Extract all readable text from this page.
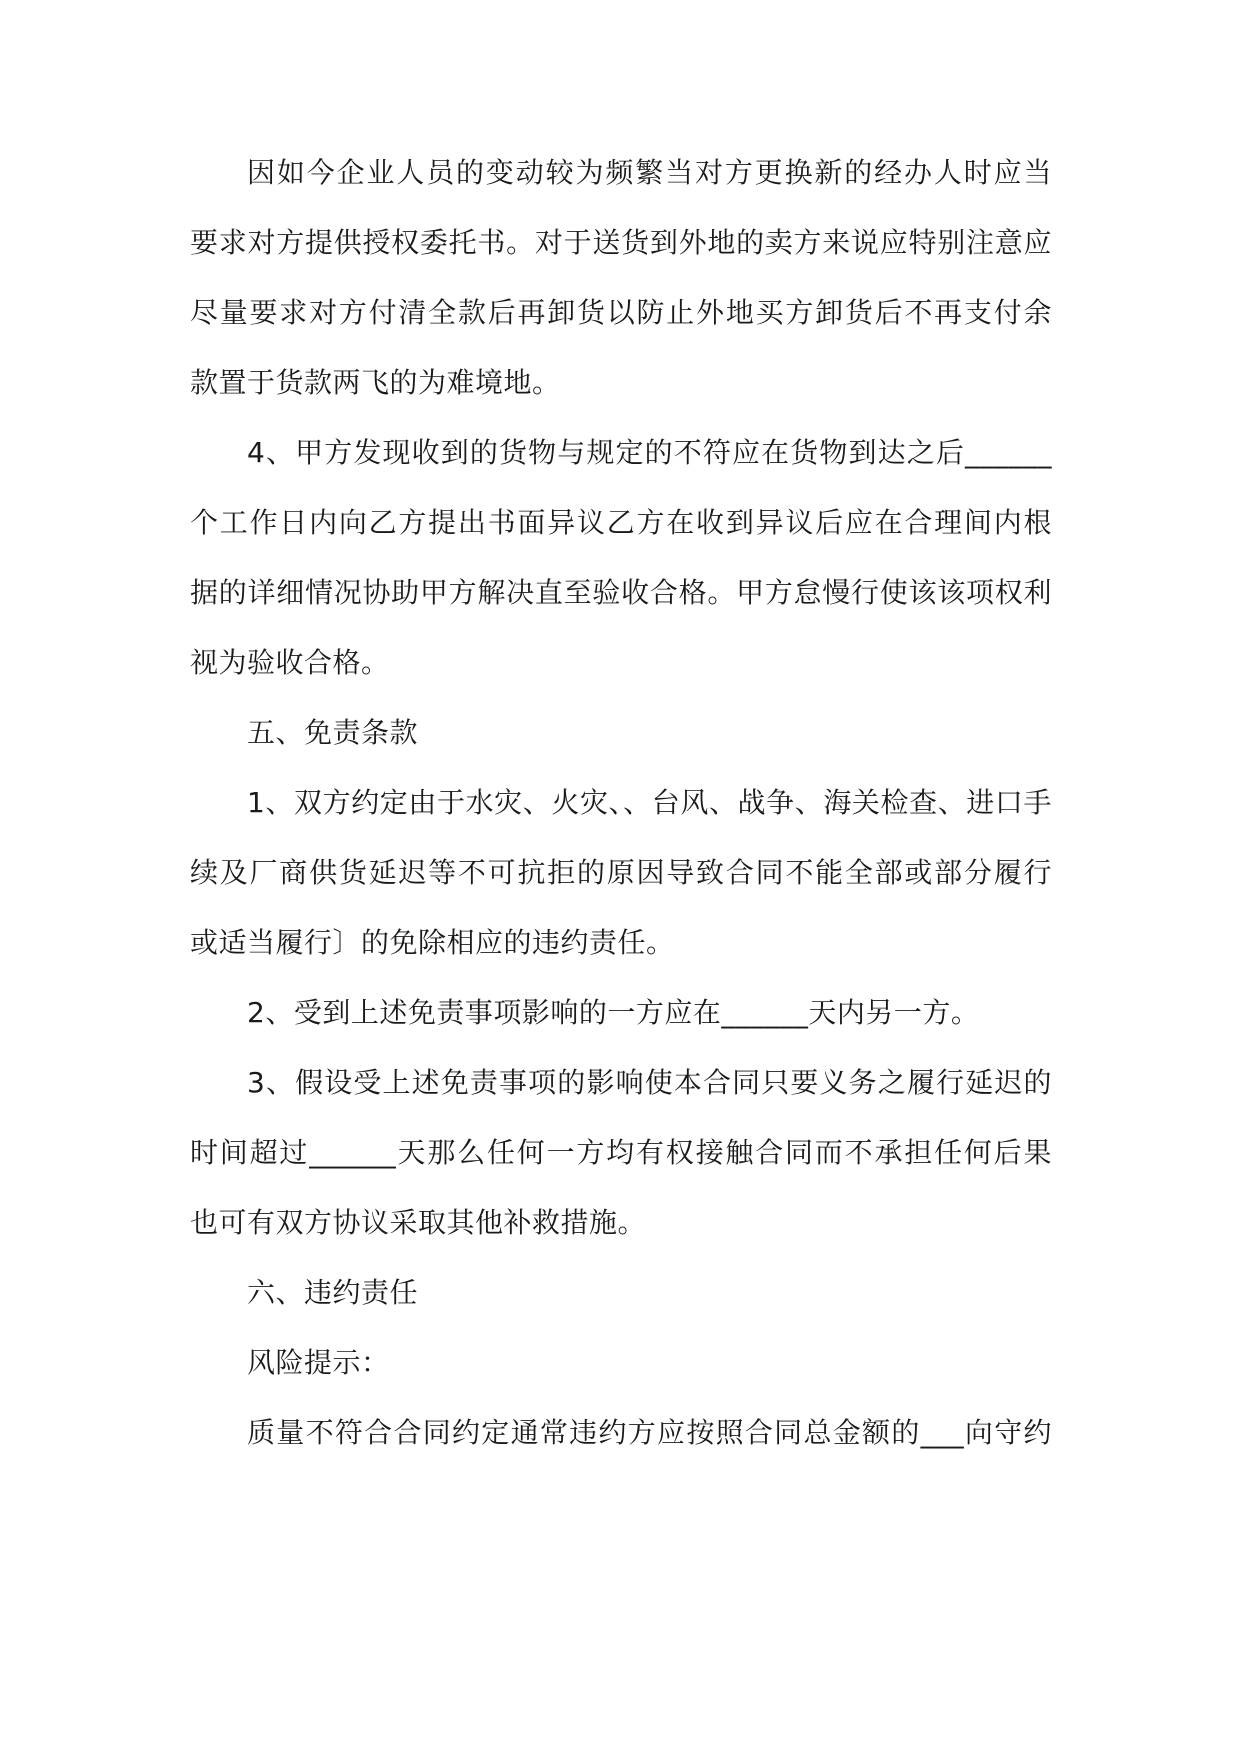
因如今企业人员的变动较为频繁当对方更换新的经办人时应当
要求对方提供授权委托书。对于送货到外地的卖方来说应特别注意应
尽量要求对方付清全款后再卸货以防止外地买方卸货后不再支付余
款置于货款两飞的为难境地。
4、甲方发现收到的货物与规定的不符应在货物到达之后______
个工作日内向乙方提出书面异议乙方在收到异议后应在合理间内根
据的详细情况协助甲方解决直至验收合格。甲方怠慢行使该该项权利
视为验收合格。
五、免责条款
1、双方约定由于水灾、火灾、、台风、战争、海关检查、进口手
续及厂商供货延迟等不可抗拒的原因导致合同不能全部或部分履行
或适当履行〕的免除相应的违约责任。
2、受到上述免责事项影响的一方应在______天内另一方。
3、假设受上述免责事项的影响使本合同只要义务之履行延迟的
时间超过______天那么任何一方均有权接触合同而不承担任何后果
也可有双方协议采取其他补救措施。
六、违约责任
风险提示：
质量不符合合同约定通常违约方应按照合同总金额的___向守约
